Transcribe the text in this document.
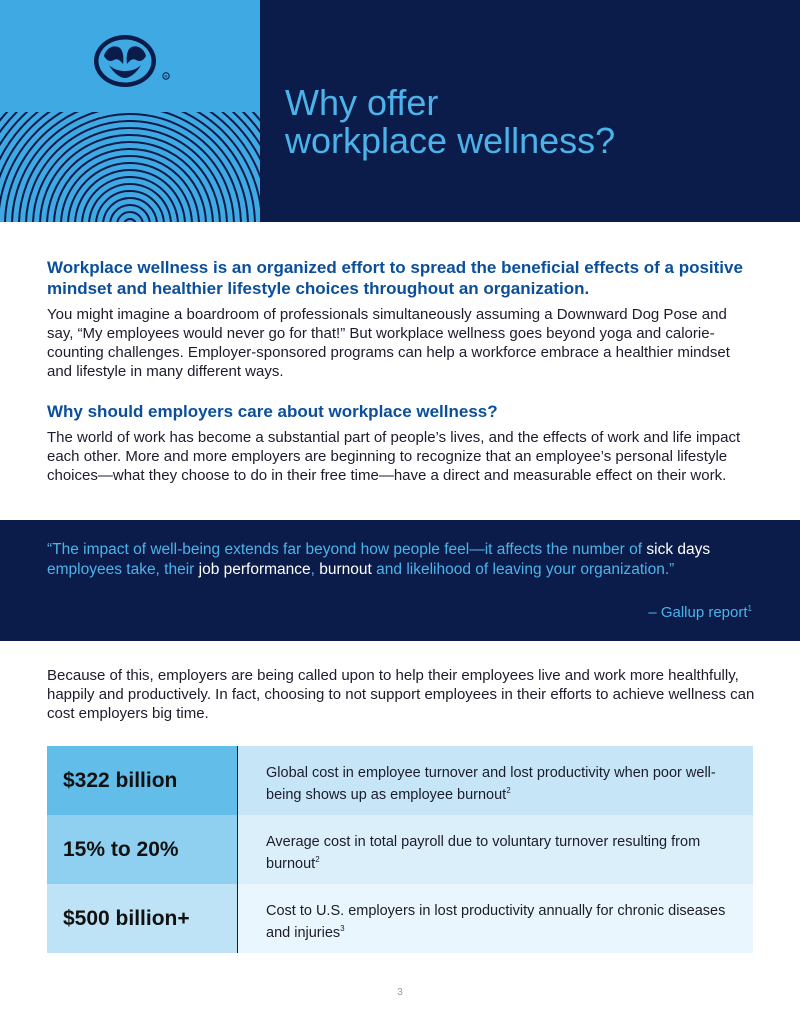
R
Why offer
workplace wellness?

Workplace wellness is an organized effort to spread the beneficial effects of a positive mindset and healthier lifestyle choices throughout an organization.

You might imagine a boardroom of professionals simultaneously assuming a Downward Dog Pose and say, “My employees would never go for that!” But workplace wellness goes beyond yoga and calorie-counting challenges. Employer-sponsored programs can help a workforce embrace a healthier mindset and lifestyle in many different ways.

Why should employers care about workplace wellness?

The world of work has become a substantial part of people’s lives, and the effects of work and life impact each other. More and more employers are beginning to recognize that an employee’s personal lifestyle choices—what they choose to do in their free time—have a direct and measurable effect on their work.

“The impact of well-being extends far beyond how people feel—it affects the number of sick days employees take, their job performance, burnout and likelihood of leaving your organization.”

– Gallup report$^1$

Because of this, employers are being called upon to help their employees live and work more healthfully, happily and productively. In fact, choosing to not support employees in their efforts to achieve wellness can cost employers big time.

$322 billion	Global cost in employee turnover and lost productivity when poor well-being shows up as employee burnout$^2$
15% to 20%	Average cost in total payroll due to voluntary turnover resulting from burnout$^2$
$500 billion+	Cost to U.S. employers in lost productivity annually for chronic diseases and injuries$^3$
3
